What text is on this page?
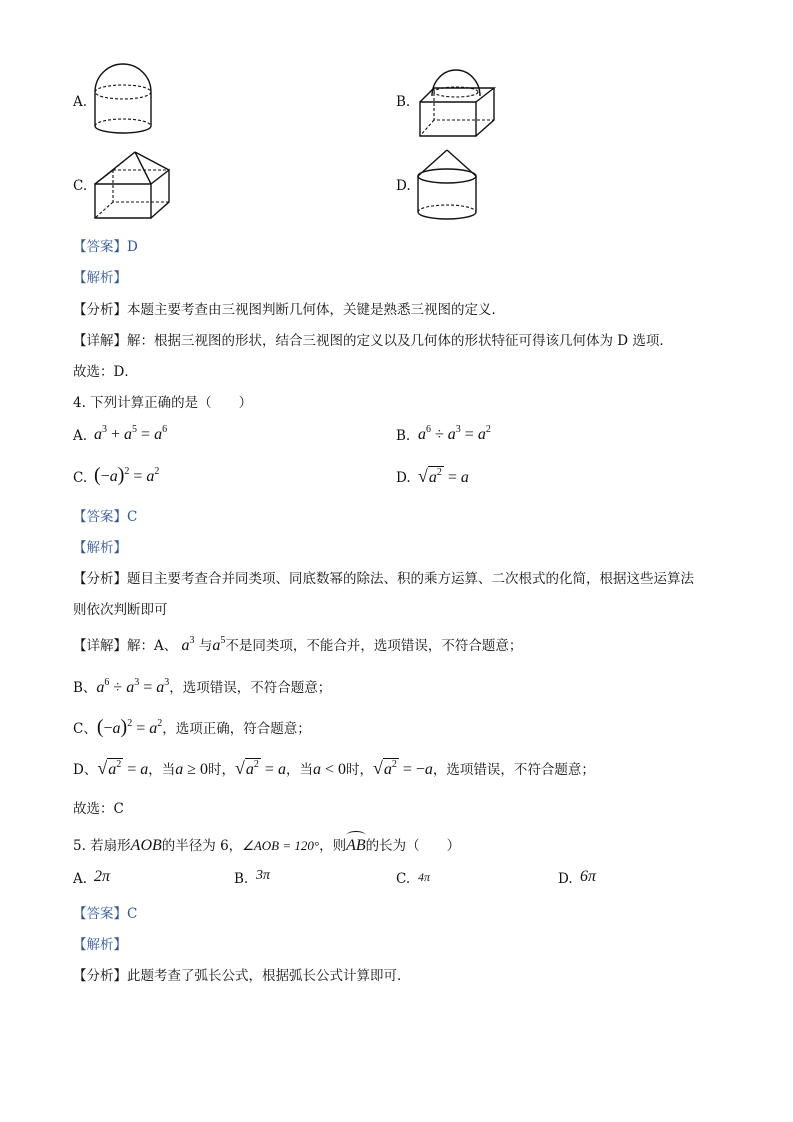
A.	B.
C.	D.
【答案】D
【解析】
【分析】本题主要考查由三视图判断几何体，关键是熟悉三视图的定义．
【详解】解：根据三视图的形状，结合三视图的定义以及几何体的形状特征可得该几何体为 D 选项．
故选：D．
4. 下列计算正确的是（　　）
A. $a^3 + a^5 = a^6$	B. $a^6 \div a^3 = a^2$
C. $(-a)^2 = a^2$	D. $√a^2 = a$
【答案】C
【解析】
【分析】题目主要考查合并同类项、同底数幂的除法、积的乘方运算、二次根式的化简，根据这些运算法
则依次判断即可
【详解】解：A、 $a^3$ 与$a^5$不是同类项，不能合并，选项错误，不符合题意；
B、$a^6 \div a^3 = a^3$，选项错误，不符合题意；
C、$(-a)^2 = a^2$，选项正确，符合题意；
D、$√a^2 = a$，当a ≥ 0时，$√a^2 = a$，当a < 0时，$√a^2 = -a$，选项错误，不符合题意；
故选：C
5. 若扇形AOB的半径为 6，∠AOB = 120°，则AB的长为（　　）
A. 2π	B. 3π	C. 4π	D. 6π
【答案】C
【解析】
【分析】此题考查了弧长公式，根据弧长公式计算即可．
